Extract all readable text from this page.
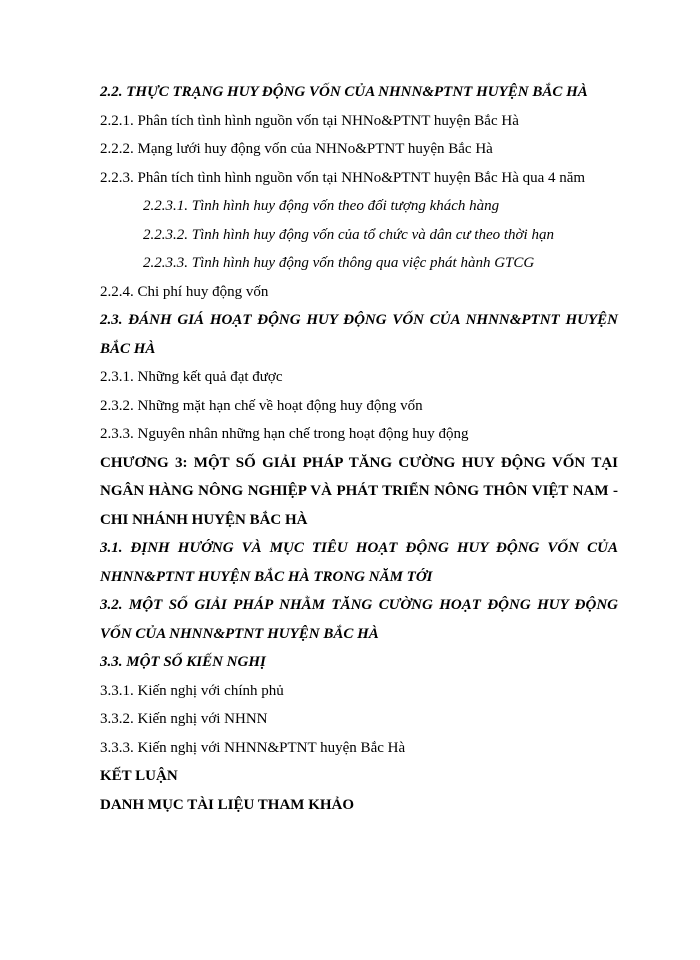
2.2. THỰC TRẠNG HUY ĐỘNG VỐN CỦA NHNN&PTNT HUYỆN BẮC HÀ

2.2.1. Phân tích tình hình nguồn vốn tại NHNo&PTNT huyện Bắc Hà

2.2.2. Mạng lưới huy động vốn của NHNo&PTNT huyện Bắc Hà

2.2.3. Phân tích tình hình nguồn vốn tại NHNo&PTNT huyện Bắc Hà qua 4 năm

2.2.3.1. Tình hình huy động vốn theo đối tượng khách hàng

2.2.3.2. Tình hình huy động vốn của tổ chức và dân cư theo thời hạn

2.2.3.3. Tình hình huy động vốn thông qua việc phát hành GTCG

2.2.4. Chi phí huy động vốn

2.3. ĐÁNH GIÁ HOẠT ĐỘNG HUY ĐỘNG VỐN CỦA NHNN&PTNT HUYỆN BẮC HÀ

2.3.1. Những kết quả đạt được

2.3.2. Những mặt hạn chế về hoạt động huy động vốn

2.3.3. Nguyên nhân những hạn chế trong hoạt động huy động

CHƯƠNG 3: MỘT SỐ GIẢI PHÁP TĂNG CƯỜNG HUY ĐỘNG VỐN TẠI NGÂN HÀNG NÔNG NGHIỆP VÀ PHÁT TRIỂN NÔNG THÔN VIỆT NAM - CHI NHÁNH HUYỆN BẮC HÀ

3.1. ĐỊNH HƯỚNG VÀ MỤC TIÊU HOẠT ĐỘNG HUY ĐỘNG VỐN CỦA NHNN&PTNT HUYỆN BẮC HÀ TRONG NĂM TỚI

3.2. MỘT SỐ GIẢI PHÁP NHẰM TĂNG CƯỜNG HOẠT ĐỘNG HUY ĐỘNG VỐN CỦA NHNN&PTNT HUYỆN BẮC HÀ

3.3. MỘT SỐ KIẾN NGHỊ

3.3.1. Kiến nghị với chính phủ

3.3.2. Kiến nghị với NHNN

3.3.3. Kiến nghị với NHNN&PTNT huyện Bắc Hà

KẾT LUẬN

DANH MỤC TÀI LIỆU THAM KHẢO
